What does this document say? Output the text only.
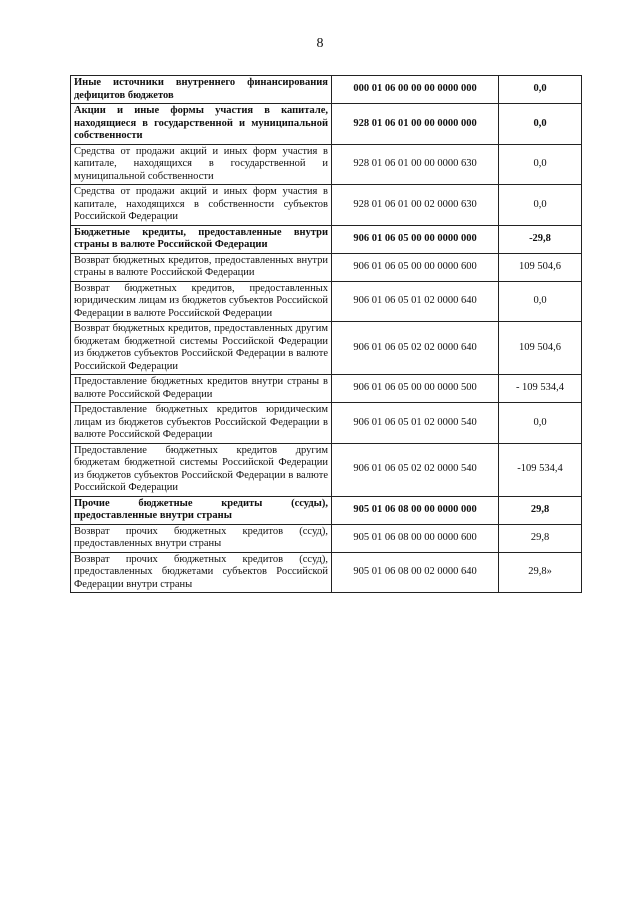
8
Иные источники внутреннего финансирования дефицитов бюджетов	000 01 06 00 00 00 0000 000	0,0
Акции и иные формы участия в капитале, находящиеся в государственной и муниципальной собственности	928 01 06 01 00 00 0000 000	0,0
Средства от продажи акций и иных форм участия в капитале, находящихся в государственной и муниципальной собственности	928 01 06 01 00 00 0000 630	0,0
Средства от продажи акций и иных форм участия в капитале, находящихся в собственности субъектов Российской Федерации	928 01 06 01 00 02 0000 630	0,0
Бюджетные кредиты, предоставленные внутри страны в валюте Российской Федерации	906 01 06 05 00 00 0000 000	-29,8
Возврат бюджетных кредитов, предоставленных внутри страны в валюте Российской Федерации	906 01 06 05 00 00 0000 600	109 504,6
Возврат бюджетных кредитов, предоставленных юридическим лицам из бюджетов субъектов Российской Федерации в валюте Российской Федерации	906 01 06 05 01 02 0000 640	0,0
Возврат бюджетных кредитов, предоставленных другим бюджетам бюджетной системы Российской Федерации из бюджетов субъектов Российской Федерации в валюте Российской Федерации	906 01 06 05 02 02 0000 640	109 504,6
Предоставление бюджетных кредитов внутри страны в валюте Российской Федерации	906 01 06 05 00 00 0000 500	- 109 534,4
Предоставление бюджетных кредитов юридическим лицам из бюджетов субъектов Российской Федерации в валюте Российской Федерации	906 01 06 05 01 02 0000 540	0,0
Предоставление бюджетных кредитов другим бюджетам бюджетной системы Российской Федерации из бюджетов субъектов Российской Федерации в валюте Российской Федерации	906 01 06 05 02 02 0000 540	-109 534,4
Прочие бюджетные кредиты (ссуды), предоставленные внутри страны	905 01 06 08 00 00 0000 000	29,8
Возврат прочих бюджетных кредитов (ссуд), предоставленных внутри страны	905 01 06 08 00 00 0000 600	29,8
Возврат прочих бюджетных кредитов (ссуд), предоставленных бюджетами субъектов Российской Федерации внутри страны	905 01 06 08 00 02 0000 640	29,8»
